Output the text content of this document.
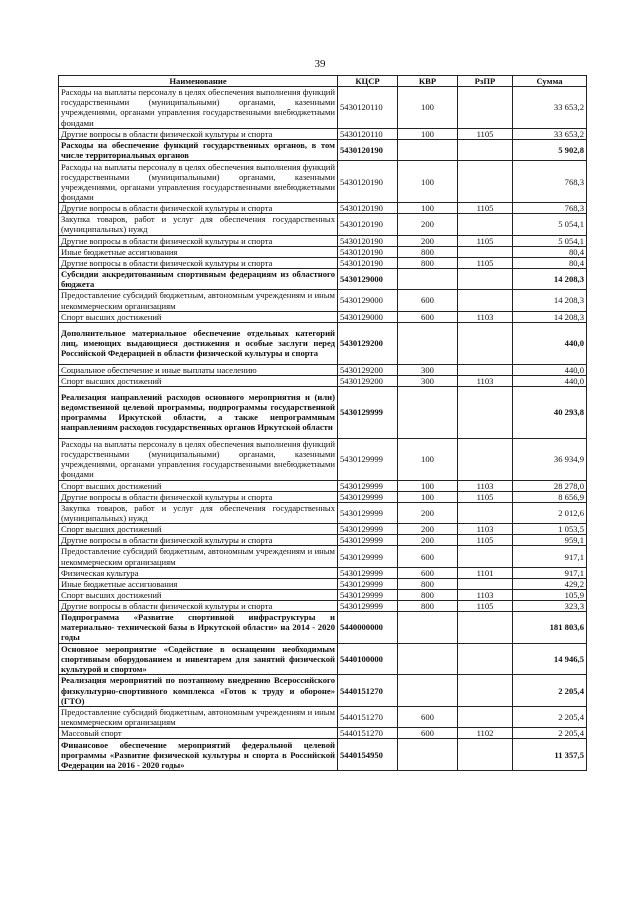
39
Наименование	КЦСР	КВР	РзПР	Сумма
Расходы на выплаты персоналу в целях обеспечения выполнения функций государственными (муниципальными) органами, казенными учреждениями, органами управления государственными внебюджетными фондами	5430120110	100		33 653,2
Другие вопросы в области физической культуры и спорта	5430120110	100	1105	33 653,2
Расходы на обеспечение функций государственных органов, в том числе территориальных органов	5430120190			5 902,8
Расходы на выплаты персоналу в целях обеспечения выполнения функций государственными (муниципальными) органами, казенными учреждениями, органами управления государственными внебюджетными фондами	5430120190	100		768,3
Другие вопросы в области физической культуры и спорта	5430120190	100	1105	768,3
Закупка товаров, работ и услуг для обеспечения государственных (муниципальных) нужд	5430120190	200		5 054,1
Другие вопросы в области физической культуры и спорта	5430120190	200	1105	5 054,1
Иные бюджетные ассигнования	5430120190	800		80,4
Другие вопросы в области физической культуры и спорта	5430120190	800	1105	80,4
Субсидии аккредитованным спортивным федерациям из областного бюджета	5430129000			14 208,3
Предоставление субсидий бюджетным, автономным учреждениям и иным некоммерческим организациям	5430129000	600		14 208,3
Спорт высших достижений	5430129000	600	1103	14 208,3
Дополнительное материальное обеспечение отдельных категорий лиц, имеющих выдающиеся достижения и особые заслуги перед Российской Федерацией в области физической культуры и спорта	5430129200			440,0
Социальное обеспечение и иные выплаты населению	5430129200	300		440,0
Спорт высших достижений	5430129200	300	1103	440,0
Реализация направлений расходов основного мероприятия и (или) ведомственной целевой программы, подпрограммы государственной программы Иркутской области, а также непрограммным направлениям расходов государственных органов Иркутской области	5430129999			40 293,8
Расходы на выплаты персоналу в целях обеспечения выполнения функций государственными (муниципальными) органами, казенными учреждениями, органами управления государственными внебюджетными фондами	5430129999	100		36 934,9
Спорт высших достижений	5430129999	100	1103	28 278,0
Другие вопросы в области физической культуры и спорта	5430129999	100	1105	8 656,9
Закупка товаров, работ и услуг для обеспечения государственных (муниципальных) нужд	5430129999	200		2 012,6
Спорт высших достижений	5430129999	200	1103	1 053,5
Другие вопросы в области физической культуры и спорта	5430129999	200	1105	959,1
Предоставление субсидий бюджетным, автономным учреждениям и иным некоммерческим организациям	5430129999	600		917,1
Физическая культура	5430129999	600	1101	917,1
Иные бюджетные ассигнования	5430129999	800		429,2
Спорт высших достижений	5430129999	800	1103	105,9
Другие вопросы в области физической культуры и спорта	5430129999	800	1105	323,3
Подпрограмма «Развитие спортивной инфраструктуры и материально- технической базы в Иркутской области» на 2014 - 2020 годы	5440000000			181 803,6
Основное мероприятие «Содействие в оснащении необходимым спортивным оборудованием и инвентарем для занятий физической культурой и спортом»	5440100000			14 946,5
Реализация мероприятий по поэтапному внедрению Всероссийского физкультурно-спортивного комплекса «Готов к труду и обороне» (ГТО)	5440151270			2 205,4
Предоставление субсидий бюджетным, автономным учреждениям и иным некоммерческим организациям	5440151270	600		2 205,4
Массовый спорт	5440151270	600	1102	2 205,4
Финансовое обеспечение мероприятий федеральной целевой программы «Развитие физической культуры и спорта в Российской Федерации на 2016 - 2020 годы»	5440154950			11 357,5
